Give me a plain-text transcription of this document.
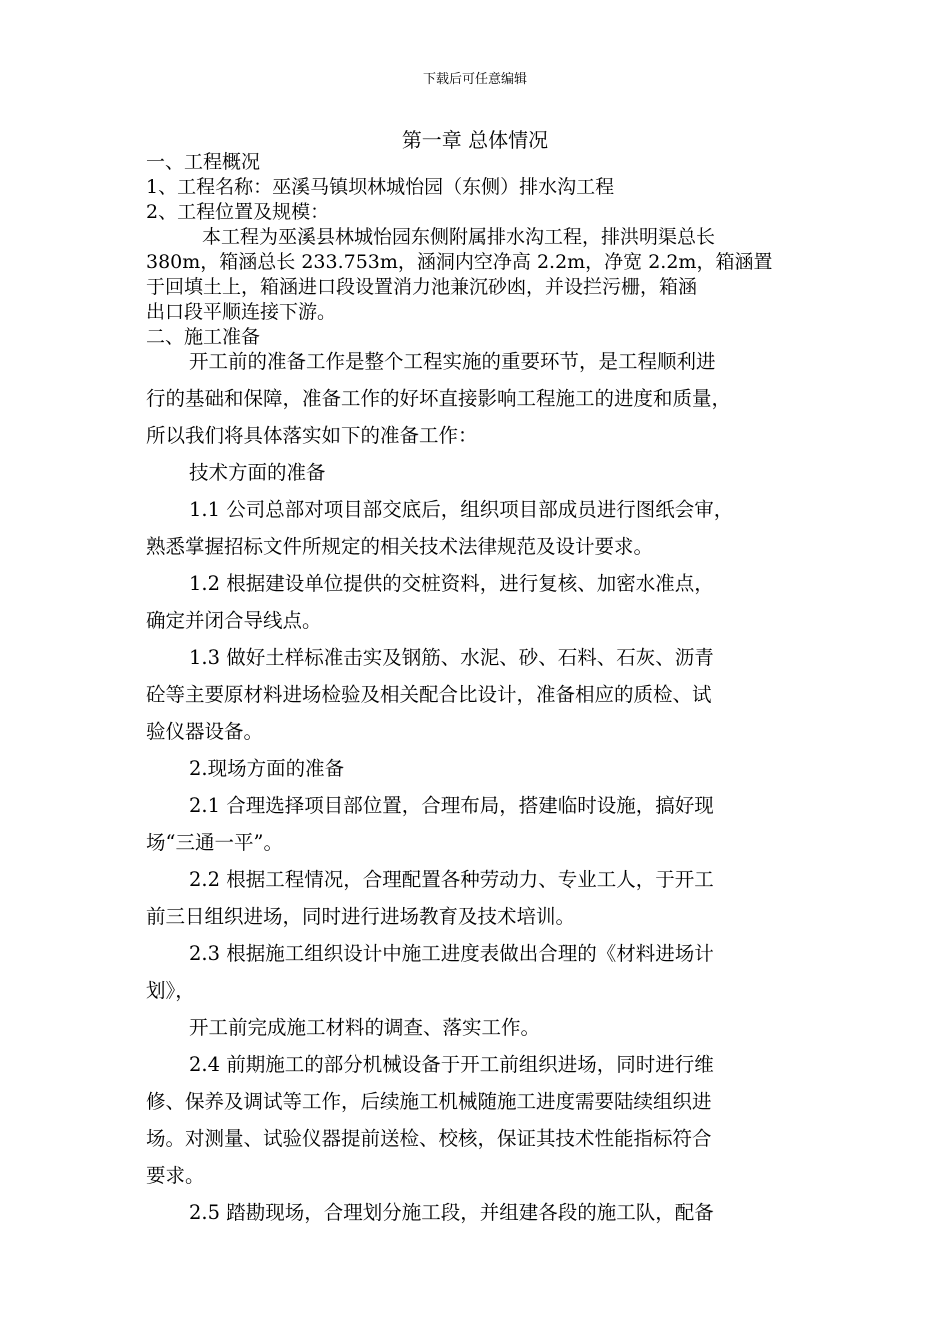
下载后可任意编辑
第一章 总体情况

一、工程概况

1、工程名称：巫溪马镇坝林城怡园（东侧）排水沟工程

2、工程位置及规模：

本工程为巫溪县林城怡园东侧附属排水沟工程，排洪明渠总长

380m，箱涵总长 233.753m，涵洞内空净高 2.2m，净宽 2.2m，箱涵置

于回填土上，箱涵进口段设置消力池兼沉砂凼，并设拦污栅，箱涵

出口段平顺连接下游。

二、施工准备

开工前的准备工作是整个工程实施的重要环节，是工程顺利进

行的基础和保障，准备工作的好坏直接影响工程施工的进度和质量，

所以我们将具体落实如下的准备工作：

技术方面的准备

1.1 公司总部对项目部交底后，组织项目部成员进行图纸会审，

熟悉掌握招标文件所规定的相关技术法律规范及设计要求。

1.2 根据建设单位提供的交桩资料，进行复核、加密水准点，

确定并闭合导线点。

1.3 做好土样标准击实及钢筋、水泥、砂、石料、石灰、沥青

砼等主要原材料进场检验及相关配合比设计，准备相应的质检、试

验仪器设备。

2.现场方面的准备

2.1 合理选择项目部位置，合理布局，搭建临时设施，搞好现

场“三通一平”。

2.2 根据工程情况，合理配置各种劳动力、专业工人，于开工

前三日组织进场，同时进行进场教育及技术培训。

2.3 根据施工组织设计中施工进度表做出合理的《材料进场计

划》，

开工前完成施工材料的调查、落实工作。

2.4 前期施工的部分机械设备于开工前组织进场，同时进行维

修、保养及调试等工作，后续施工机械随施工进度需要陆续组织进

场。对测量、试验仪器提前送检、校核，保证其技术性能指标符合

要求。

2.5 踏勘现场，合理划分施工段，并组建各段的施工队，配备
